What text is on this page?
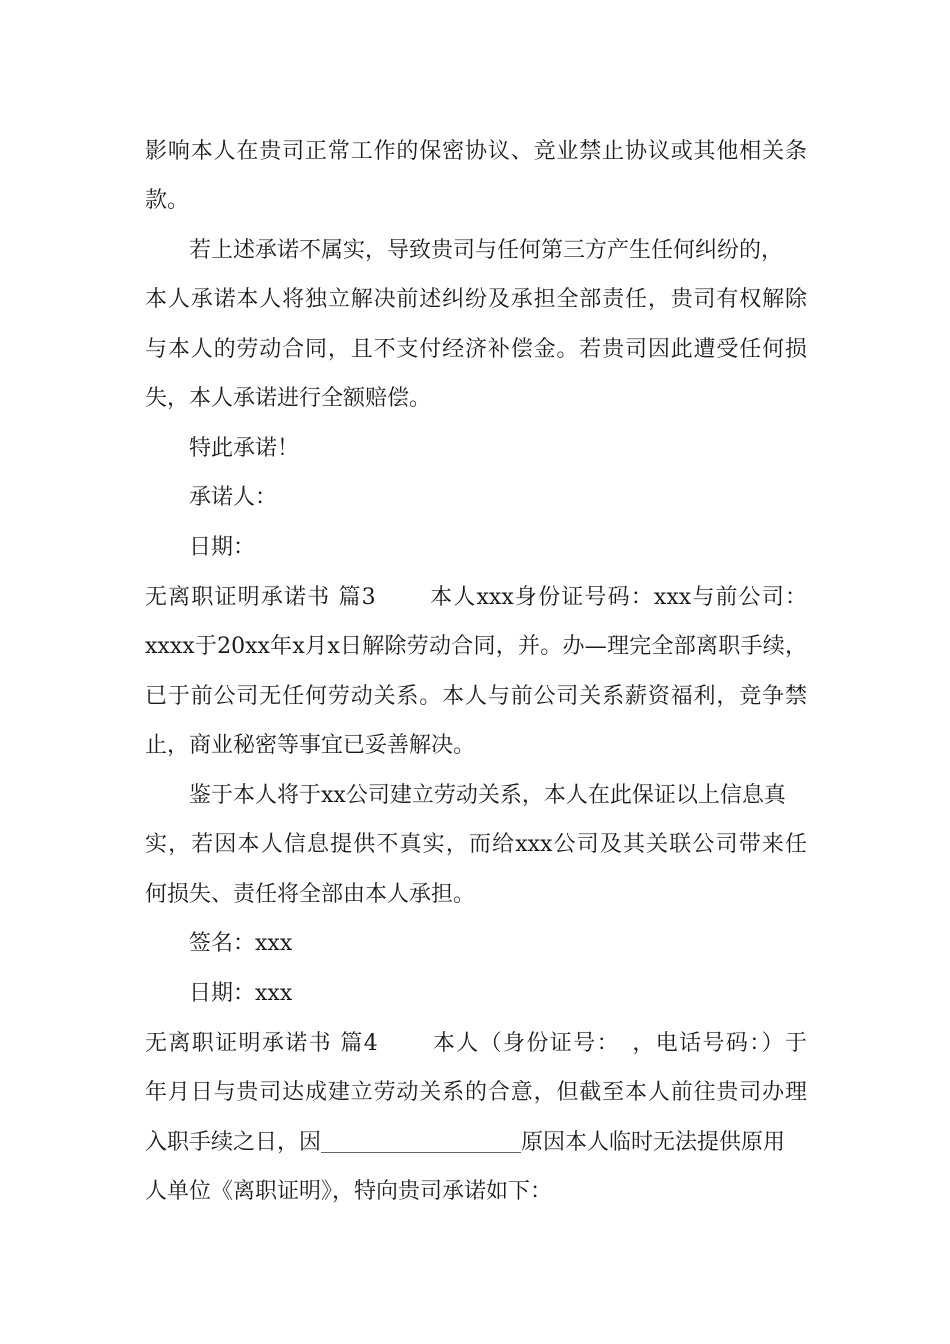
影响本人在贵司正常工作的保密协议、竞业禁止协议或其他相关条
款。
若上述承诺不属实，导致贵司与任何第三方产生任何纠纷的，
本人承诺本人将独立解决前述纠纷及承担全部责任，贵司有权解除
与本人的劳动合同，且不支付经济补偿金。若贵司因此遭受任何损
失，本人承诺进行全额赔偿。
特此承诺！
承诺人：
日期：
无离职证明承诺书 篇3 　　本人xxx身份证号码：xxx与前公司：
xxxx于20xx年x月x日解除劳动合同，并。办—理完全部离职手续，
已于前公司无任何劳动关系。本人与前公司关系薪资福利，竞争禁
止，商业秘密等事宜已妥善解决。
鉴于本人将于xx公司建立劳动关系，本人在此保证以上信息真
实，若因本人信息提供不真实，而给xxx公司及其关联公司带来任
何损失、责任将全部由本人承担。
签名：xxx
日期：xxx
无离职证明承诺书 篇4 　　本人（身份证号：　，电话号码：）于
年月日与贵司达成建立劳动关系的合意，但截至本人前往贵司办理
入职手续之日，因	原因本人临时无法提供原用
人单位《离职证明》，特向贵司承诺如下：
